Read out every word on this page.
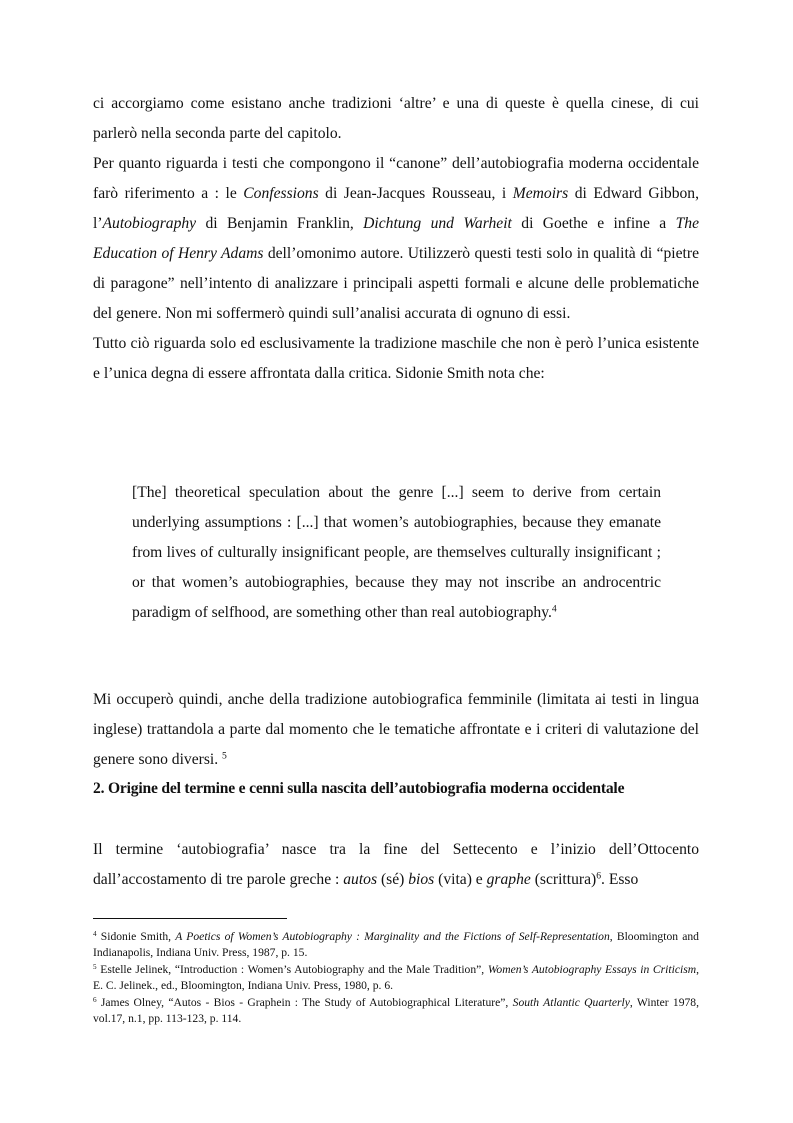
ci accorgiamo come esistano anche tradizioni ‘altre’ e una di queste è quella cinese, di cui parlerò nella seconda parte del capitolo.

Per quanto riguarda i testi che compongono il “canone” dell’autobiografia moderna occidentale farò riferimento a : le Confessions di Jean-Jacques Rousseau, i Memoirs di Edward Gibbon, l’Autobiography di Benjamin Franklin, Dichtung und Warheit di Goethe e infine a The Education of Henry Adams dell’omonimo autore. Utilizzerò questi testi solo in qualità di “pietre di paragone” nell’intento di analizzare i principali aspetti formali e alcune delle problematiche del genere. Non mi soffermerò quindi sull’analisi accurata di ognuno di essi.

Tutto ciò riguarda solo ed esclusivamente la tradizione maschile che non è però l’unica esistente e l’unica degna di essere affrontata dalla critica. Sidonie Smith nota che:

[The] theoretical speculation about the genre [...] seem to derive from certain underlying assumptions : [...] that women’s autobiographies, because they emanate from lives of culturally insignificant people, are themselves culturally insignificant ; or that women’s autobiographies, because they may not inscribe an androcentric paradigm of selfhood, are something other than real autobiography.$^4$

Mi occuperò quindi, anche della tradizione autobiografica femminile (limitata ai testi in lingua inglese) trattandola a parte dal momento che le tematiche affrontate e i criteri di valutazione del genere sono diversi. $^5$

2. Origine del termine e cenni sulla nascita dell’autobiografia moderna occidentale

Il termine ‘autobiografia’ nasce tra la fine del Settecento e l’inizio dell’Ottocento dall’accostamento di tre parole greche : autos (sé) bios (vita) e graphe (scrittura)$^6$. Esso

$^4$ Sidonie Smith, A Poetics of Women’s Autobiography : Marginality and the Fictions of Self-Representation, Bloomington and Indianapolis, Indiana Univ. Press, 1987, p. 15.

$^5$ Estelle Jelinek, “Introduction : Women’s Autobiography and the Male Tradition”, Women’s Autobiography Essays in Criticism, E. C. Jelinek., ed., Bloomington, Indiana Univ. Press, 1980, p. 6.

$^6$ James Olney, “Autos - Bios - Graphein : The Study of Autobiographical Literature”, South Atlantic Quarterly, Winter 1978, vol.17, n.1, pp. 113-123, p. 114.
